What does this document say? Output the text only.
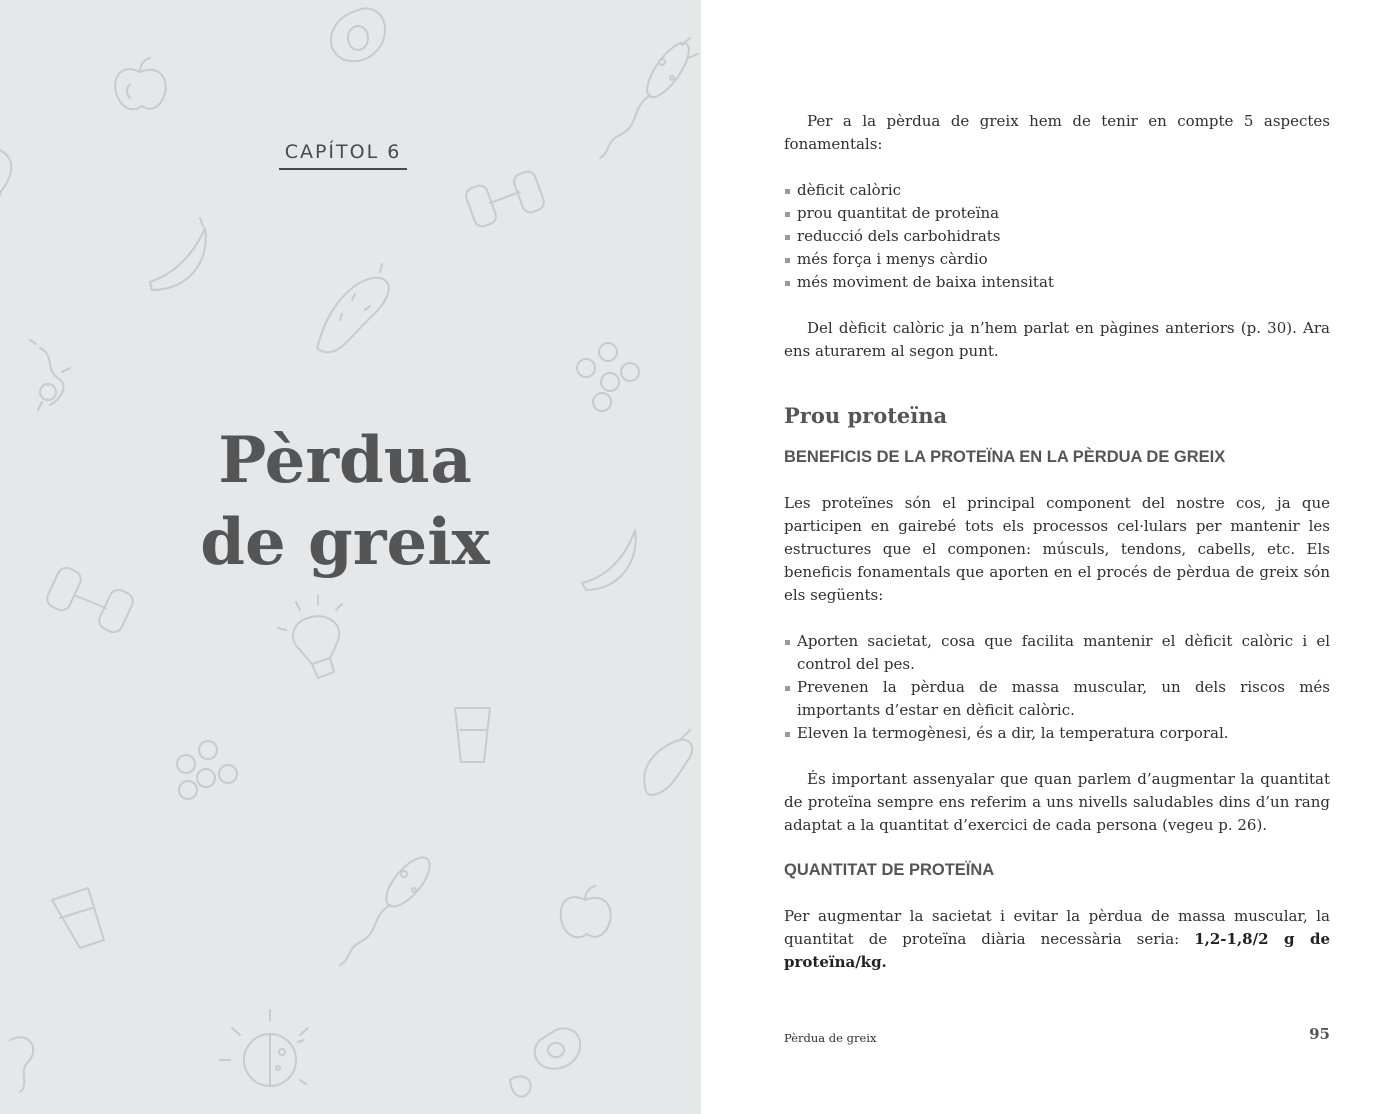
CAPÍTOL 6
Pèrdua
de greix

Per a la pèrdua de greix hem de tenir en compte 5 aspectes fonamentals:

dèficit calòric
prou quantitat de proteïna
reducció dels carbohidrats
més força i menys càrdio
més moviment de baixa intensitat

Del dèficit calòric ja n’hem parlat en pàgines anteriors (p. 30). Ara ens aturarem al segon punt.

Prou proteïna

BENEFICIS DE LA PROTEÏNA EN LA PÈRDUA DE GREIX

Les proteïnes són el principal component del nostre cos, ja que participen en gairebé tots els processos cel·lulars per mantenir les estructures que el componen: músculs, tendons, cabells, etc. Els beneficis fonamentals que aporten en el procés de pèrdua de greix són els següents:

Aporten sacietat, cosa que facilita mantenir el dèficit calòric i el control del pes.
Prevenen la pèrdua de massa muscular, un dels riscos més importants d’estar en dèficit calòric.
Eleven la termogènesi, és a dir, la temperatura corporal.

És important assenyalar que quan parlem d’augmentar la quantitat de proteïna sempre ens referim a uns nivells saludables dins d’un rang adaptat a la quantitat d’exercici de cada persona (vegeu p. 26).

QUANTITAT DE PROTEÏNA

Per augmentar la sacietat i evitar la pèrdua de massa muscular, la quantitat de proteïna diària necessària seria: 1,2-1,8/2 g de proteïna/kg.

Pèrdua de greix	95
